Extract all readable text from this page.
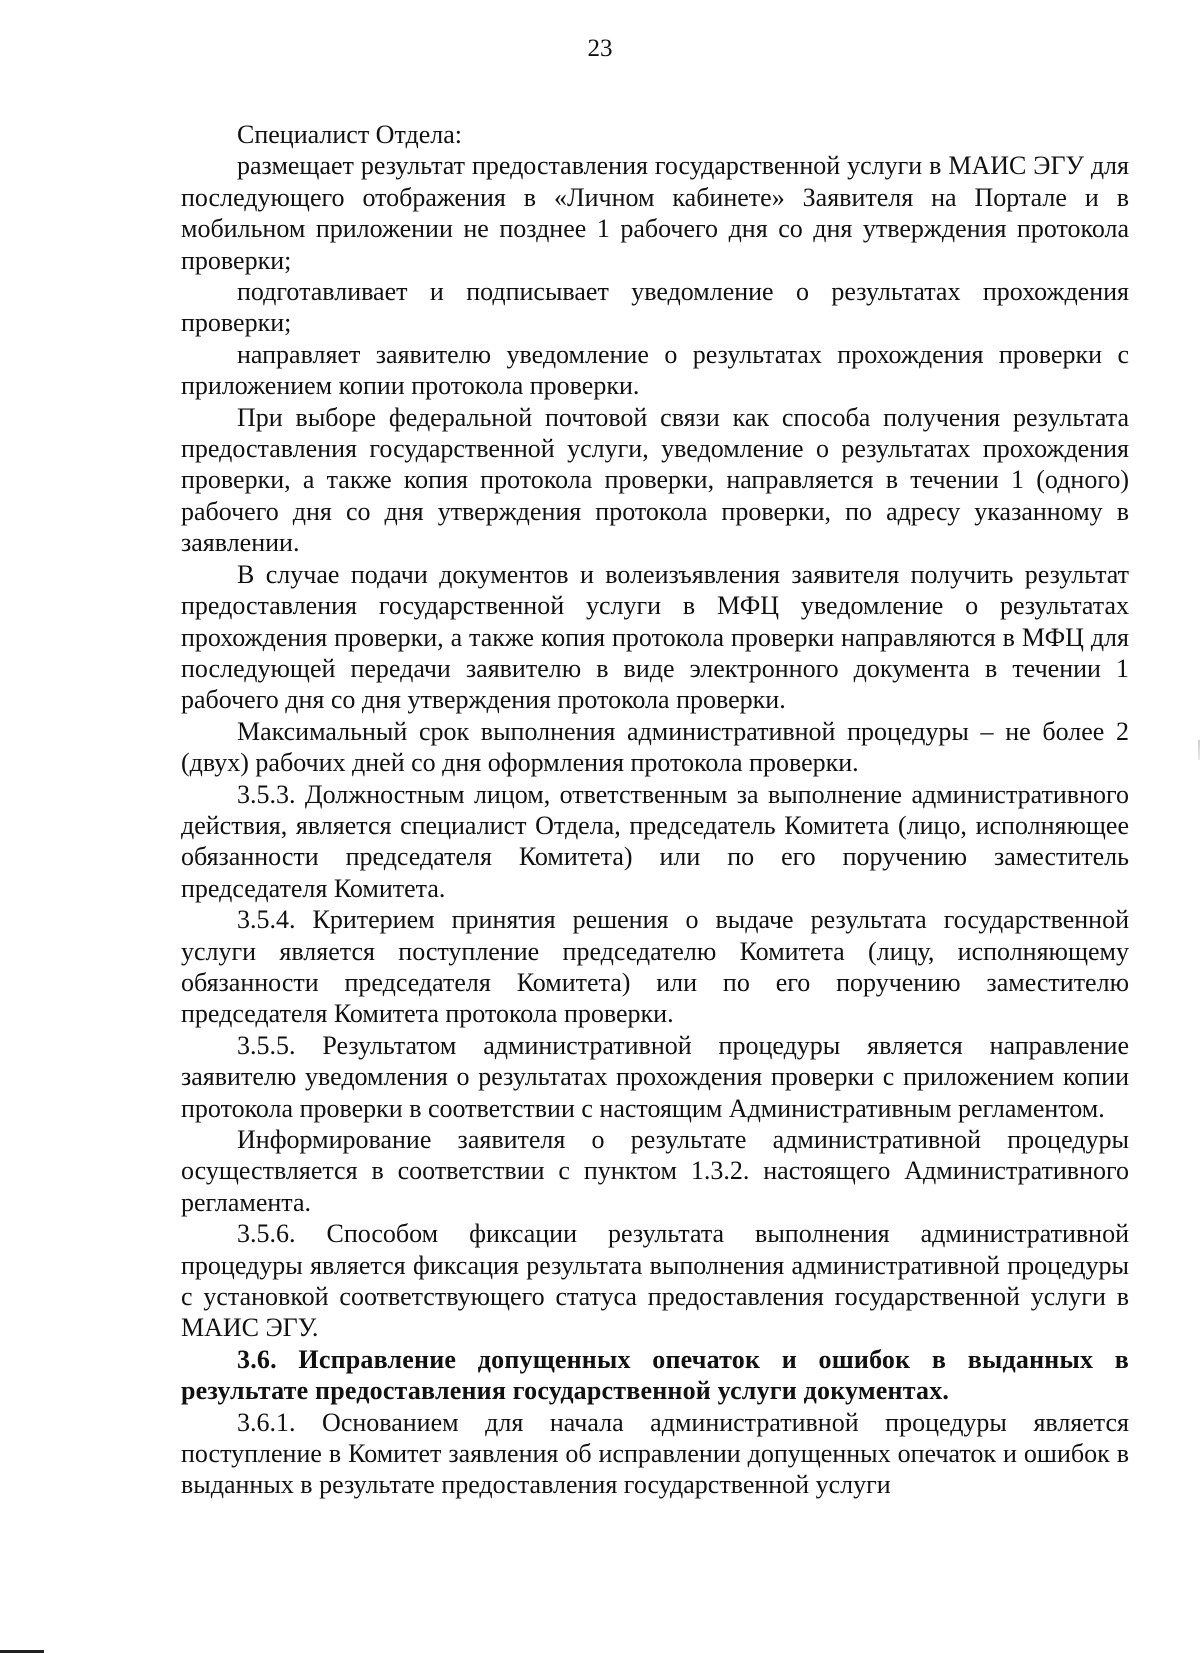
23

Специалист Отдела:

размещает результат предоставления государственной услуги в МАИС ЭГУ для последующего отображения в «Личном кабинете» Заявителя на Портале и в мобильном приложении не позднее 1 рабочего дня со дня утверждения протокола проверки;

подготавливает и подписывает уведомление о результатах прохождения проверки;

направляет заявителю уведомление о результатах прохождения проверки с приложением копии протокола проверки.

При выборе федеральной почтовой связи как способа получения результата предоставления государственной услуги, уведомление о результатах прохождения проверки, а также копия протокола проверки, направляется в течении 1 (одного) рабочего дня со дня утверждения протокола проверки, по адресу указанному в заявлении.

В случае подачи документов и волеизъявления заявителя получить результат предоставления государственной услуги в МФЦ уведомление о результатах прохождения проверки, а также копия протокола проверки направляются в МФЦ для последующей передачи заявителю в виде электронного документа в течении 1 рабочего дня со дня утверждения протокола проверки.

Максимальный срок выполнения административной процедуры – не более 2 (двух) рабочих дней со дня оформления протокола проверки.

3.5.3. Должностным лицом, ответственным за выполнение административного действия, является специалист Отдела, председатель Комитета (лицо, исполняющее обязанности председателя Комитета) или по его поручению заместитель председателя Комитета.

3.5.4. Критерием принятия решения о выдаче результата государственной услуги является поступление председателю Комитета (лицу, исполняющему обязанности председателя Комитета) или по его поручению заместителю председателя Комитета протокола проверки.

3.5.5. Результатом административной процедуры является направление заявителю уведомления о результатах прохождения проверки с приложением копии протокола проверки в соответствии с настоящим Административным регламентом.

Информирование заявителя о результате административной процедуры осуществляется в соответствии с пунктом 1.3.2. настоящего Административного регламента.

3.5.6. Способом фиксации результата выполнения административной процедуры является фиксация результата выполнения административной процедуры с установкой соответствующего статуса предоставления государственной услуги в МАИС ЭГУ.

3.6. Исправление допущенных опечаток и ошибок в выданных в результате предоставления государственной услуги документах.

3.6.1. Основанием для начала административной процедуры является поступление в Комитет заявления об исправлении допущенных опечаток и ошибок в выданных в результате предоставления государственной услуги
